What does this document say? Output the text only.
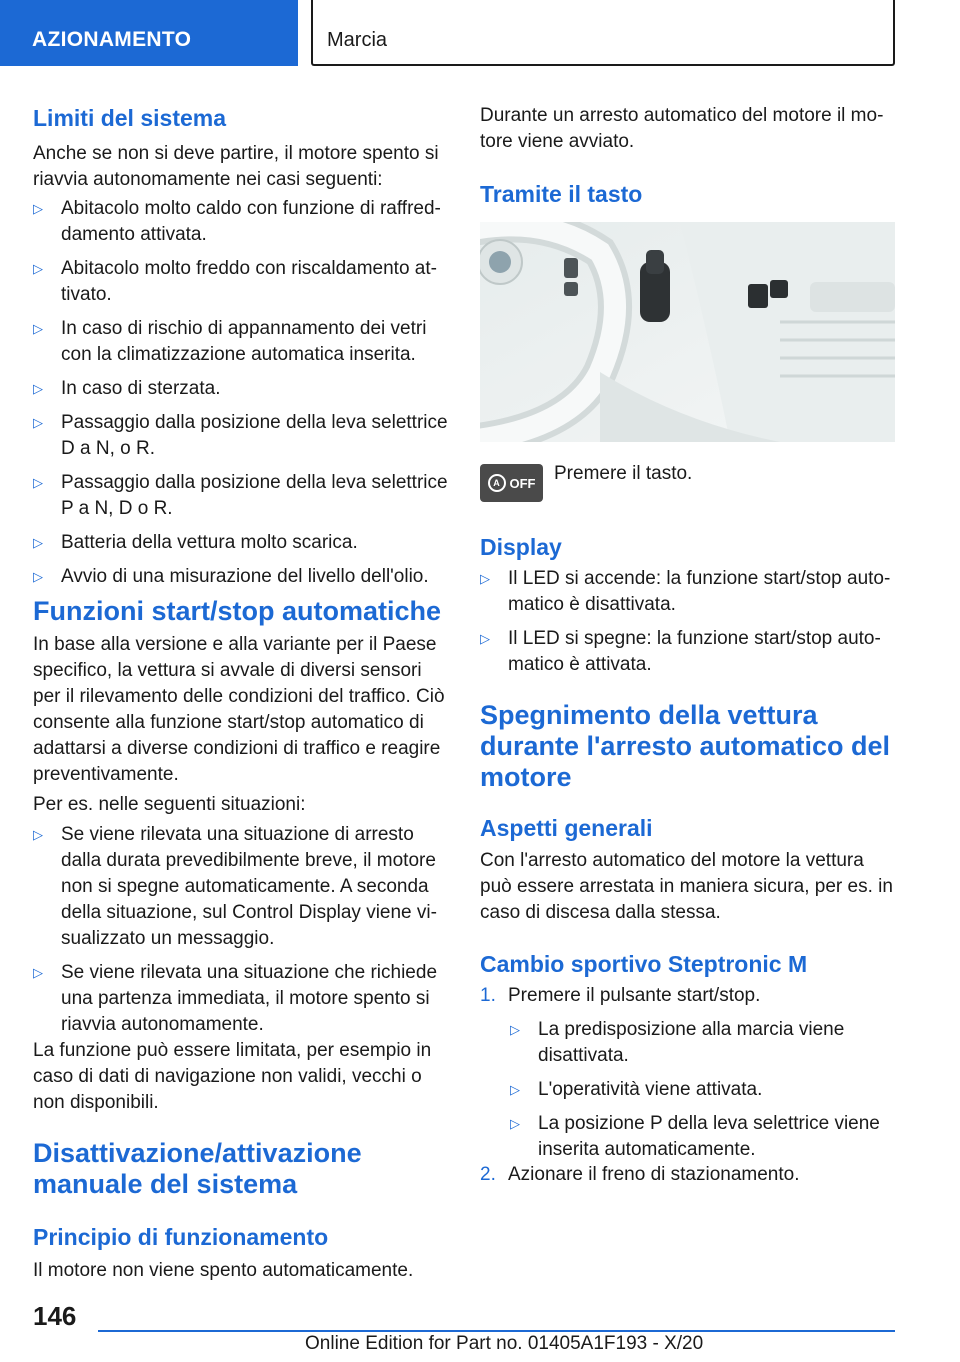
AZIONAMENTO	Marcia
Limiti del sistema

Anche se non si deve partire, il motore spento si riavvia autonomamente nei casi seguenti:

▷ Abitacolo molto caldo con funzione di raffreddamento attivata.
▷ Abitacolo molto freddo con riscaldamento attivato.
▷ In caso di rischio di appannamento dei vetri con la climatizzazione automatica inserita.
▷ In caso di sterzata.
▷ Passaggio dalla posizione della leva selettrice D a N, o R.
▷ Passaggio dalla posizione della leva selettrice P a N, D o R.
▷ Batteria della vettura molto scarica.
▷ Avvio di una misurazione del livello dell'olio.
Funzioni start/stop automatiche

In base alla versione e alla variante per il Paese specifico, la vettura si avvale di diversi sensori per il rilevamento delle condizioni del traffico. Ciò consente alla funzione start/stop automatico di adattarsi a diverse condizioni di traffico e reagire preventivamente.

Per es. nelle seguenti situazioni:

▷ Se viene rilevata una situazione di arresto dalla durata prevedibilmente breve, il motore non si spegne automaticamente. A seconda della situazione, sul Control Display viene visualizzato un messaggio.
▷ Se viene rilevata una situazione che richiede una partenza immediata, il motore spento si riavvia autonomamente.

La funzione può essere limitata, per esempio in caso di dati di navigazione non validi, vecchi o non disponibili.

Disattivazione/attivazione manuale del sistema
Principio di funzionamento

Il motore non viene spento automaticamente.

Durante un arresto automatico del motore il motore viene avviato.

Tramite il tasto

Premere il tasto.

Display
▷ Il LED si accende: la funzione start/stop automatico è disattivata.
▷ Il LED si spegne: la funzione start/stop automatico è attivata.
Spegnimento della vettura durante l'arresto automatico del motore
Aspetti generali

Con l'arresto automatico del motore la vettura può essere arrestata in maniera sicura, per es. in caso di discesa dalla stessa.

Cambio sportivo Steptronic M
1. Premere il pulsante start/stop.
▷ La predisposizione alla marcia viene disattivata.
▷ L'operatività viene attivata.
▷ La posizione P della leva selettrice viene inserita automaticamente.
2. Azionare il freno di stazionamento.
A OFF
146
Online Edition for Part no. 01405A1F193 - X/20
